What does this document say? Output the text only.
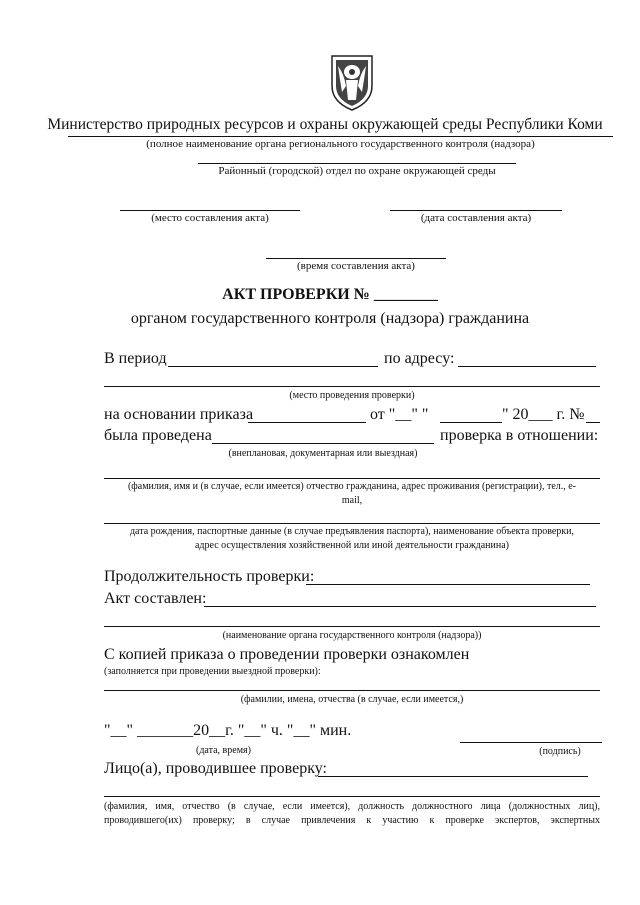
Министерство природных ресурсов и охраны окружающей среды Республики Коми
(полное наименование органа регионального государственного контроля (надзора)
Районный (городской) отдел по охране окружающей среды
(место составления акта)	(дата составления акта)
(время составления акта)
АКТ ПРОВЕРКИ № ________
органом государственного контроля (надзора) гражданина
В период	по адресу:
(место проведения проверки)
на основании приказа	от "__" "	" 20___ г. №
была проведена	проверка в отношении:
(внеплановая, документарная или выездная)
(фамилия, имя и (в случае, если имеется) отчество гражданина, адрес проживания (регистрации), тел., е-
mail,
дата рождения, паспортные данные (в случае предъявления паспорта), наименование объекта проверки,
адрес осуществления хозяйственной или иной деятельности гражданина)
Продолжительность проверки:
Акт составлен:
(наименование органа государственного контроля (надзора))
С копией приказа о проведении проверки ознакомлен
(заполняется при проведении выездной проверки):
(фамилии, имена, отчества (в случае, если имеется,)
"__" _______20__г. "__" ч. "__" мин.
(дата, время)	(подпись)
Лицо(а), проводившее проверку:
(фамилия, имя, отчество (в случае, если имеется), должность должностного лица (должностных лиц),
проводившего(их) проверку; в случае привлечения к участию к проверке экспертов, экспертных
